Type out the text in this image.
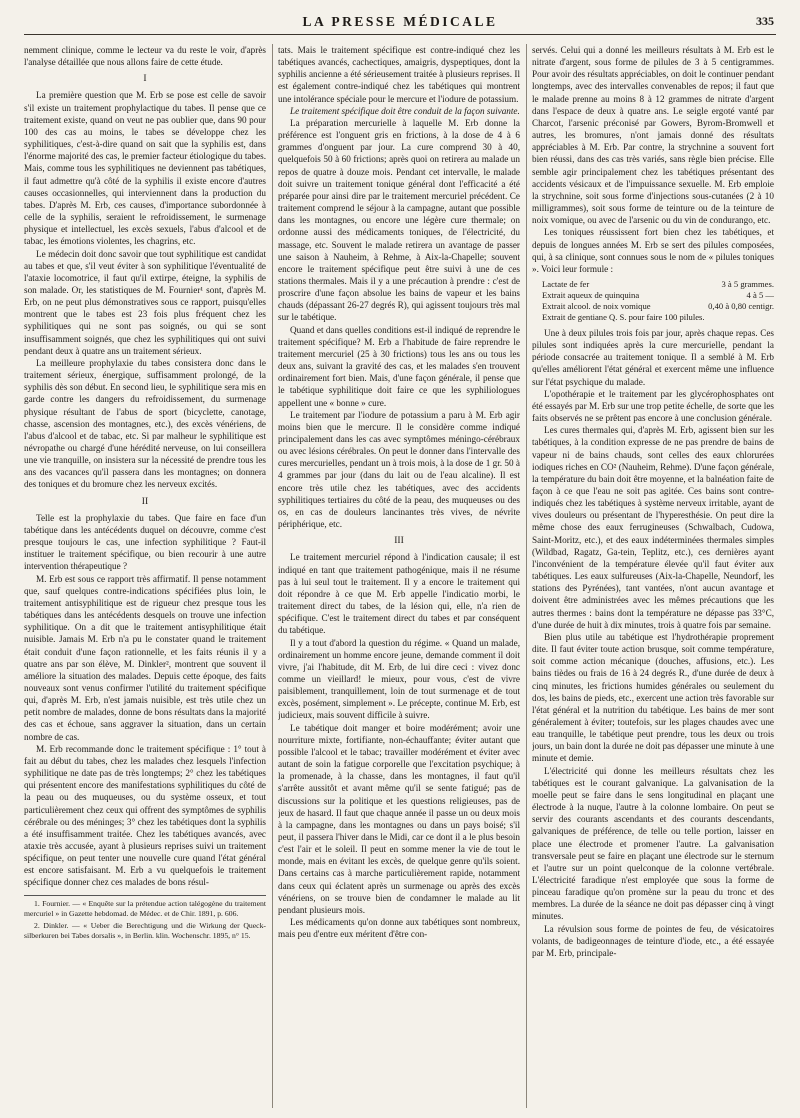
LA PRESSE MÉDICALE	335

nemment clinique, comme le lecteur va du reste le voir, d'après l'analyse détaillée que nous allons faire de cette étude.

I

La première question que M. Erb se pose est celle de savoir s'il existe un traitement prophylactique du tabes. Il pense que ce traitement existe, quand on veut ne pas oublier que, dans 90 pour 100 des cas au moins, le tabes se développe chez les syphilitiques, c'est-à-dire quand on sait que la syphilis est, dans l'énorme majorité des cas, le premier facteur étiologique du tabes. Mais, comme tous les syphilitiques ne deviennent pas tabétiques, il faut admettre qu'à côté de la syphilis il existe encore d'autres causes occasionnelles, qui interviennent dans la production du tabes. D'après M. Erb, ces causes, d'importance subordonnée à celle de la syphilis, seraient le refroidissement, le surmenage physique et intellectuel, les excès sexuels, l'abus d'alcool et de tabac, les émotions violentes, les chagrins, etc.

Le médecin doit donc savoir que tout syphilitique est candidat au tabes et que, s'il veut éviter à son syphilitique l'éventualité de l'ataxie locomotrice, il faut qu'il extirpe, éteigne, la syphilis de son malade. Or, les statistiques de M. Fournier¹ sont, d'après M. Erb, on ne peut plus démonstratives sous ce rapport, puisqu'elles montrent que le tabes est 23 fois plus fréquent chez les syphilitiques qui ne sont pas soignés, ou qui se sont insuffisamment soignés, que chez les syphilitiques qui ont suivi pendant deux à quatre ans un traitement sérieux.

La meilleure prophylaxie du tabes consistera donc dans le traitement sérieux, énergique, suffisamment prolongé, de la syphilis dès son début. En second lieu, le syphilitique sera mis en garde contre les dangers du refroidissement, du surmenage physique résultant de l'abus de sport (bicyclette, canotage, chasse, ascension des montagnes, etc.), des excès vénériens, de l'abus d'alcool et de tabac, etc. Si par malheur le syphilitique est névropathe ou chargé d'une hérédité nerveuse, on lui conseillera une vie tranquille, on insistera sur la nécessité de prendre tous les ans des vacances qu'il passera dans les montagnes; on donnera des toniques et du bromure chez les nerveux excités.

II

Telle est la prophylaxie du tabes. Que faire en face d'un tabétique dans les antécédents duquel on découvre, comme c'est presque toujours le cas, une infection syphilitique ? Faut-il instituer le traitement spécifique, ou bien recourir à une autre intervention thérapeutique ?

M. Erb est sous ce rapport très affirmatif. Il pense notamment que, sauf quelques contre-indications spécifiées plus loin, le traitement antisyphilitique est de rigueur chez presque tous les tabétiques dans les antécédents desquels on trouve une infection syphilitique. On a dit que le traitement antisyphilitique était nuisible. Jamais M. Erb n'a pu le constater quand le traitement était conduit d'une façon rationnelle, et les faits réunis il y a quatre ans par son élève, M. Dinkler², montrent que souvent il améliore la situation des malades. Depuis cette époque, des faits nouveaux sont venus confirmer l'utilité du traitement spécifique qui, d'après M. Erb, n'est jamais nuisible, est très utile chez un petit nombre de malades, donne de bons résultats dans la majorité des cas et échoue, sans aggraver la situation, dans un certain nombre de cas.

M. Erb recommande donc le traitement spécifique : 1° tout à fait au début du tabes, chez les malades chez lesquels l'infection syphilitique ne date pas de très longtemps; 2° chez les tabétiques qui présentent encore des manifestations syphilitiques du côté de la peau ou des muqueuses, ou du système osseux, et tout particulièrement chez ceux qui offrent des symptômes de syphilis cérébrale ou des méninges; 3° chez les tabétiques dont la syphilis a été insuffisamment traitée. Chez les tabétiques avancés, avec ataxie très accusée, ayant à plusieurs reprises suivi un traitement spécifique, on peut tenter une nouvelle cure quand l'état général est encore satisfaisant. M. Erb a vu quelquefois le traitement spécifique donner chez ces malades de bons résul-

1. Fournier. — « Enquête sur la prétendue action talégogène du traitement mercuriel » in Gazette hebdomad. de Médec. et de Chir. 1891, p. 606.

2. Dinkler. — « Ueber die Berechtigung und die Wirkung der Queck-silberkuren bei Tabes dorsalis », in Berlin. klin. Wochenschr. 1895, n° 15.

tats. Mais le traitement spécifique est contre-indiqué chez les tabétiques avancés, cachectiques, amaigris, dyspeptiques, dont la syphilis ancienne a été sérieusement traitée à plusieurs reprises. Il est également contre-indiqué chez les tabétiques qui montrent une intolérance spéciale pour le mercure et l'iodure de potassium.

Le traitement spécifique doit être conduit de la façon suivante.

La préparation mercurielle à laquelle M. Erb donne la préférence est l'onguent gris en frictions, à la dose de 4 à 6 grammes d'onguent par jour. La cure comprend 30 à 40, quelquefois 50 à 60 frictions; après quoi on retirera au malade un repos de quatre à douze mois. Pendant cet intervalle, le malade doit suivre un traitement tonique général dont l'efficacité a été préparée pour ainsi dire par le traitement mercuriel précédent. Ce traitement comprend le séjour à la campagne, autant que possible dans les montagnes, ou encore une légère cure thermale; on ordonne aussi des médicaments toniques, de l'électricité, du massage, etc. Souvent le malade retirera un avantage de passer une saison à Nauheim, à Rehme, à Aix-la-Chapelle; souvent encore le traitement spécifique peut être suivi à une de ces stations thermales. Mais il y a une précaution à prendre : c'est de proscrire d'une façon absolue les bains de vapeur et les bains chauds (dépassant 26-27 degrés R), qui agissent toujours très mal sur le tabétique.

Quand et dans quelles conditions est-il indiqué de reprendre le traitement spécifique? M. Erb a l'habitude de faire reprendre le traitement mercuriel (25 à 30 frictions) tous les ans ou tous les deux ans, suivant la gravité des cas, et les malades s'en trouvent ordinairement fort bien. Mais, d'une façon générale, il pense que le tabétique syphilitique doit faire ce que les syphiliologues appellent une « bonne » cure.

Le traitement par l'iodure de potassium a paru à M. Erb agir moins bien que le mercure. Il le considère comme indiqué principalement dans les cas avec symptômes méningo-cérébraux ou avec lésions cérébrales. On peut le donner dans l'intervalle des cures mercurielles, pendant un à trois mois, à la dose de 1 gr. 50 à 4 grammes par jour (dans du lait ou de l'eau alcaline). Il est encore très utile chez les tabétiques, avec des accidents syphilitiques tertiaires du côté de la peau, des muqueuses ou des os, en cas de douleurs lancinantes très vives, de névrite périphérique, etc.

III

Le traitement mercuriel répond à l'indication causale; il est indiqué en tant que traitement pathogénique, mais il ne résume pas à lui seul tout le traitement. Il y a encore le traitement qui doit répondre à ce que M. Erb appelle l'indicatio morbi, le traitement direct du tabes, de la lésion qui, elle, n'a rien de spécifique. C'est le traitement direct du tabes et par conséquent du tabétique.

Il y a tout d'abord la question du régime. « Quand un malade, ordinairement un homme encore jeune, demande comment il doit vivre, j'ai l'habitude, dit M. Erb, de lui dire ceci : vivez donc comme un vieillard! le mieux, pour vous, c'est de vivre paisiblement, tranquillement, loin de tout surmenage et de tout excès, posément, simplement ». Le précepte, continue M. Erb, est judicieux, mais souvent difficile à suivre.

Le tabétique doit manger et boire modérément; avoir une nourriture mixte, fortifiante, non-échauffante; éviter autant que possible l'alcool et le tabac; travailler modérément et éviter avec autant de soin la fatigue corporelle que l'excitation psychique; à la promenade, à la chasse, dans les montagnes, il faut qu'il s'arrête aussitôt et avant même qu'il se sente fatigué; pas de discussions sur la politique et les questions religieuses, pas de jeux de hasard. Il faut que chaque année il passe un ou deux mois à la campagne, dans les montagnes ou dans un pays boisé; s'il peut, il passera l'hiver dans le Midi, car ce dont il a le plus besoin c'est l'air et le soleil. Il peut en somme mener la vie de tout le monde, mais en évitant les excès, de quelque genre qu'ils soient. Dans certains cas à marche particulièrement rapide, notamment dans ceux qui éclatent après un surmenage ou après des excès vénériens, on se trouve bien de condamner le malade au lit pendant plusieurs mois.

Les médicaments qu'on donne aux tabétiques sont nombreux, mais peu d'entre eux méritent d'être con-

servés. Celui qui a donné les meilleurs résultats à M. Erb est le nitrate d'argent, sous forme de pilules de 3 à 5 centigrammes. Pour avoir des résultats appréciables, on doit le continuer pendant longtemps, avec des intervalles convenables de repos; il faut que le malade prenne au moins 8 à 12 grammes de nitrate d'argent dans l'espace de deux à quatre ans. Le seigle ergoté vanté par Charcot, l'arsenic préconisé par Gowers, Byrom-Bromwell et autres, les bromures, n'ont jamais donné des résultats appréciables à M. Erb. Par contre, la strychnine a souvent fort bien réussi, dans des cas très variés, sans règle bien précise. Elle semble agir principalement chez les tabétiques présentant des accidents vésicaux et de l'impuissance sexuelle. M. Erb emploie la strychnine, soit sous forme d'injections sous-cutanées (2 à 10 milligrammes), soit sous forme de teinture ou de la teinture de noix vomique, ou avec de l'arsenic ou du vin de condurango, etc.

Les toniques réussissent fort bien chez les tabétiques, et depuis de longues années M. Erb se sert des pilules composées, qui, à sa clinique, sont connues sous le nom de « pilules toniques ». Voici leur formule :

Lactate de fer	3 à 5 grammes.
Extrait aqueux de quinquina	4 à 5 —
Extrait alcool. de noix vomique	0,40 à 0,80 centigr.
Extrait de gentiane Q. S. pour faire 100 pilules.

Une à deux pilules trois fois par jour, après chaque repas. Ces pilules sont indiquées après la cure mercurielle, pendant la période consacrée au traitement tonique. Il a semblé à M. Erb qu'elles améliorent l'état général et exercent même une influence sur l'état psychique du malade.

L'opothérapie et le traitement par les glycérophosphates ont été essayés par M. Erb sur une trop petite échelle, de sorte que les faits observés ne se prêtent pas encore à une conclusion générale.

Les cures thermales qui, d'après M. Erb, agissent bien sur les tabétiques, à la condition expresse de ne pas prendre de bains de vapeur ni de bains chauds, sont celles des eaux chlorurées iodiques riches en CO² (Nauheim, Rehme). D'une façon générale, la température du bain doit être moyenne, et la balnéation faite de façon à ce que l'eau ne soit pas agitée. Ces bains sont contre-indiqués chez les tabétiques à système nerveux irritable, ayant de vives douleurs ou présentant de l'hyperesthésie. On peut dire la même chose des eaux ferrugineuses (Schwalbach, Cudowa, Saint-Moritz, etc.), et des eaux indéterminées thermales simples (Wildbad, Ragatz, Ga-tein, Teplitz, etc.), ces dernières ayant l'inconvénient de la température élevée qu'il faut éviter aux tabétiques. Les eaux sulfureuses (Aix-la-Chapelle, Neundorf, les stations des Pyrénées), tant vantées, n'ont aucun avantage et doivent être administrées avec les mêmes précautions que les autres thermes : bains dont la température ne dépasse pas 33°C, d'une durée de huit à dix minutes, trois à quatre fois par semaine.

Bien plus utile au tabétique est l'hydrothérapie proprement dite. Il faut éviter toute action brusque, soit comme température, soit comme action mécanique (douches, affusions, etc.). Les bains tièdes ou frais de 16 à 24 degrés R., d'une durée de deux à cinq minutes, les frictions humides générales ou seulement du dos, les bains de pieds, etc., exercent une action très favorable sur l'état général et la nutrition du tabétique. Les bains de mer sont généralement à éviter; toutefois, sur les plages chaudes avec une eau tranquille, le tabétique peut prendre, tous les deux ou trois jours, un bain dont la durée ne doit pas dépasser une minute à une minute et demie.

L'électricité qui donne les meilleurs résultats chez les tabétiques est le courant galvanique. La galvanisation de la moelle peut se faire dans le sens longitudinal en plaçant une électrode à la nuque, l'autre à la colonne lombaire. On peut se servir des courants ascendants et des courants descendants, galvaniques de préférence, de telle ou telle portion, laisser en place une électrode et promener l'autre. La galvanisation transversale peut se faire en plaçant une électrode sur le sternum et l'autre sur un point quelconque de la colonne vertébrale. L'électricité faradique n'est employée que sous la forme de pinceau faradique qu'on promène sur la peau du tronc et des membres. La durée de la séance ne doit pas dépasser cinq à vingt minutes.

La révulsion sous forme de pointes de feu, de vésicatoires volants, de badigeonnages de teinture d'iode, etc., a été essayée par M. Erb, principale-
